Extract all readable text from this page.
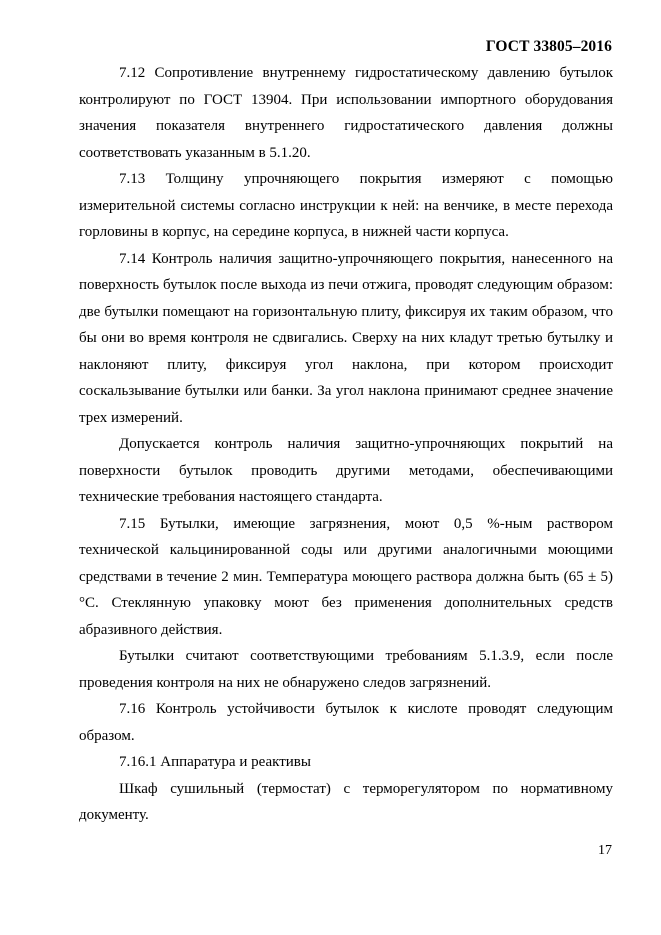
ГОСТ 33805–2016

7.12 Сопротивление внутреннему гидростатическому давлению бутылок контролируют по ГОСТ 13904. При использовании импортного оборудования значения показателя внутреннего гидростатического давления должны соответствовать указанным в 5.1.20.

7.13 Толщину упрочняющего покрытия измеряют с помощью измерительной системы согласно инструкции к ней: на венчике, в месте перехода горловины в корпус, на середине корпуса, в нижней части корпуса.

7.14 Контроль наличия защитно-упрочняющего покрытия, нанесенного на поверхность бутылок после выхода из печи отжига, проводят следующим образом: две бутылки помещают на горизонтальную плиту, фиксируя их таким образом, что бы они во время контроля не сдвигались. Сверху на них кладут третью бутылку и наклоняют плиту, фиксируя угол наклона, при котором происходит соскальзывание бутылки или банки. За угол наклона принимают среднее значение трех измерений.

Допускается контроль наличия защитно-упрочняющих покрытий на поверхности бутылок проводить другими методами, обеспечивающими технические требования настоящего стандарта.

7.15 Бутылки, имеющие загрязнения, моют 0,5 %-ным раствором технической кальцинированной соды или другими аналогичными моющими средствами в течение 2 мин. Температура моющего раствора должна быть (65 ± 5) °С. Стеклянную упаковку моют без применения дополнительных средств абразивного действия.

Бутылки считают соответствующими требованиям 5.1.3.9, если после проведения контроля на них не обнаружено следов загрязнений.

7.16 Контроль устойчивости бутылок к кислоте проводят следующим образом.

7.16.1 Аппаратура и реактивы

Шкаф сушильный (термостат) с терморегулятором по нормативному документу.

17
